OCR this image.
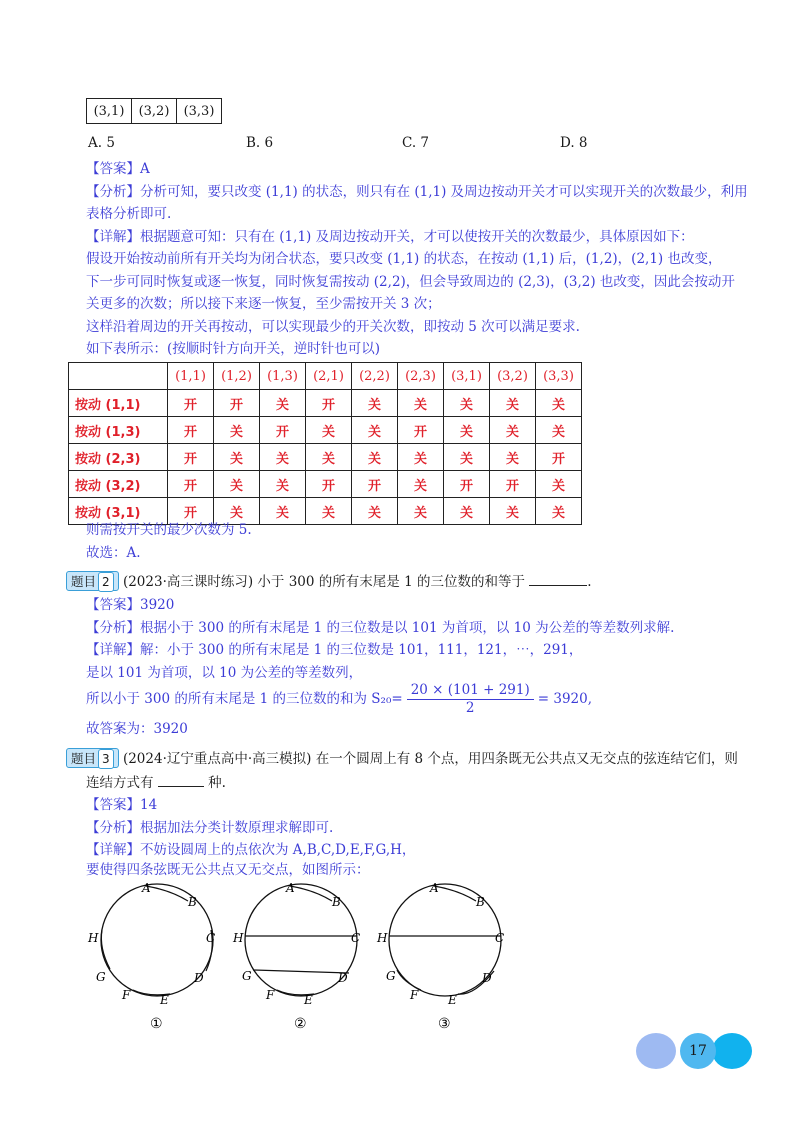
(3,1)	(3,2)	(3,3)
A. 5	B. 6	C. 7	D. 8
【答案】A
【分析】分析可知，要只改变 (1,1) 的状态，则只有在 (1,1) 及周边按动开关才可以实现开关的次数最少，利用
表格分析即可.
【详解】根据题意可知：只有在 (1,1) 及周边按动开关，才可以使按开关的次数最少，具体原因如下：
假设开始按动前所有开关均为闭合状态，要只改变 (1,1) 的状态，在按动 (1,1) 后，(1,2)，(2,1) 也改变，
下一步可同时恢复或逐一恢复，同时恢复需按动 (2,2)，但会导致周边的 (2,3)，(3,2) 也改变，因此会按动开
关更多的次数；所以接下来逐一恢复，至少需按开关 3 次；
这样沿着周边的开关再按动，可以实现最少的开关次数，即按动 5 次可以满足要求.
如下表所示：(按顺时针方向开关，逆时针也可以)
	(1,1)	(1,2)	(1,3)	(2,1)	(2,2)	(2,3)	(3,1)	(3,2)	(3,3)
按动 (1,1)	开	开	关	开	关	关	关	关	关
按动 (1,3)	开	关	开	关	关	开	关	关	关
按动 (2,3)	开	关	关	关	关	关	关	关	开
按动 (3,2)	开	关	关	开	开	关	开	开	关
按动 (3,1)	开	关	关	关	关	关	关	关	关
则需按开关的最少次数为 5.
故选：A.
题目 2 (2023·高三课时练习) 小于 300 的所有末尾是 1 的三位数的和等于	.
【答案】3920
【分析】根据小于 300 的所有末尾是 1 的三位数是以 101 为首项，以 10 为公差的等差数列求解.
【详解】解：小于 300 的所有末尾是 1 的三位数是 101，111，121，⋯，291，
是以 101 为首项，以 10 为公差的等差数列，
所以小于 300 的所有末尾是 1 的三位数的和为 $S_{20}= \frac{20 \times (101 + 291)}{2} = 3920$,
故答案为：3920
题目 3 (2024·辽宁重点高中·高三模拟) 在一个圆周上有 8 个点，用四条既无公共点又无交点的弦连结它们，则
连结方式有	种.
【答案】14
【分析】根据加法分类计数原理求解即可.
【详解】不妨设圆周上的点依次为 A,B,C,D,E,F,G,H，
要使得四条弦既无公共点又无交点，如图所示：
A
B
C
D
E
F
G
H
①
A
B
C
D
E
F
G
H
②
A
B
C
D
E
F
G
H
③
17
